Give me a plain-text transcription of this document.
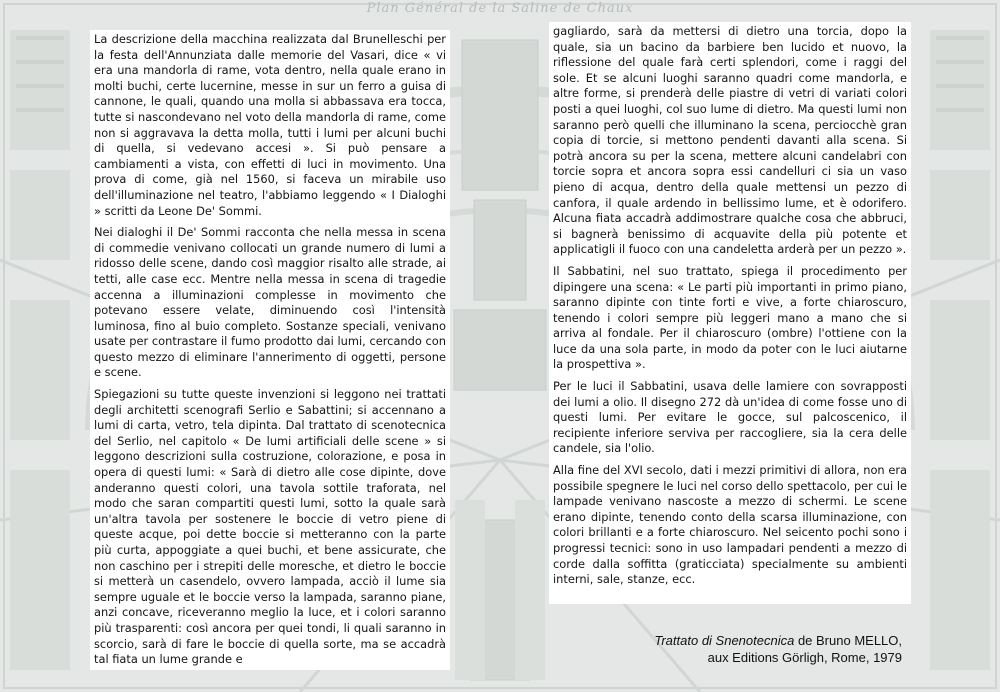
Plan Général de la Saline de Chaux

La descrizione della macchina realizzata dal Brunelleschi per la festa dell'Annunziata dalle memorie del Vasari, dice « vi era una mandorla di rame, vota dentro, nella quale erano in molti buchi, certe lucernine, messe in sur un ferro a guisa di cannone, le quali, quando una molla si abbassava era tocca, tutte si nascondevano nel voto della mandorla di rame, come non si aggravava la detta molla, tutti i lumi per alcuni buchi di quella, si vedevano accesi ». Si può pensare a cambiamenti a vista, con effetti di luci in movimento. Una prova di come, già nel 1560, si faceva un mirabile uso dell'illuminazione nel teatro, l'abbiamo leggendo « I Dialoghi » scritti da Leone De' Sommi.

Nei dialoghi il De' Sommi racconta che nella messa in scena di commedie venivano collocati un grande numero di lumi a ridosso delle scene, dando così maggior risalto alle strade, ai tetti, alle case ecc. Mentre nella messa in scena di tragedie accenna a illuminazioni complesse in movimento che potevano essere velate, diminuendo così l'intensità luminosa, fino al buio completo. Sostanze speciali, venivano usate per contrastare il fumo prodotto dai lumi, cercando con questo mezzo di eliminare l'annerimento di oggetti, persone e scene.

Spiegazioni su tutte queste invenzioni si leggono nei trattati degli architetti scenografi Serlio e Sabattini; si accennano a lumi di carta, vetro, tela dipinta. Dal trattato di scenotecnica del Serlio, nel capitolo « De lumi artificiali delle scene » si leggono descrizioni sulla costruzione, colorazione, e posa in opera di questi lumi: « Sarà di dietro alle cose dipinte, dove anderanno questi colori, una tavola sottile traforata, nel modo che saran compartiti questi lumi, sotto la quale sarà un'altra tavola per sostenere le boccie di vetro piene di queste acque, poi dette boccie si metteranno con la parte più curta, appoggiate a quei buchi, et bene assicurate, che non caschino per i strepiti delle moresche, et dietro le boccie si metterà un casendelo, ovvero lampada, acciò il lume sia sempre uguale et le boccie verso la lampada, saranno piane, anzi concave, riceveranno meglio la luce, et i colori saranno più trasparenti: così ancora per quei tondi, li quali saranno in scorcio, sarà di fare le boccie di quella sorte, ma se accadrà tal fiata un lume grande e

gagliardo, sarà da mettersi di dietro una torcia, dopo la quale, sia un bacino da barbiere ben lucido et nuovo, la riflessione del quale farà certi splendori, come i raggi del sole. Et se alcuni luoghi saranno quadri come mandorla, e altre forme, si prenderà delle piastre di vetri di variati colori posti a quei luoghi, col suo lume di dietro. Ma questi lumi non saranno però quelli che illuminano la scena, perciocchè gran copia di torcie, si mettono pendenti davanti alla scena. Si potrà ancora su per la scena, mettere alcuni candelabri con torcie sopra et ancora sopra essi candelluri ci sia un vaso pieno di acqua, dentro della quale mettensi un pezzo di canfora, il quale ardendo in bellissimo lume, et è odorifero. Alcuna fiata accadrà addimostrare qualche cosa che abbruci, si bagnerà benissimo di acquavite della più potente et applicatigli il fuoco con una candeletta arderà per un pezzo ».

Il Sabbatini, nel suo trattato, spiega il procedimento per dipingere una scena: « Le parti più importanti in primo piano, saranno dipinte con tinte forti e vive, a forte chiaroscuro, tenendo i colori sempre più leggeri mano a mano che si arriva al fondale. Per il chiaroscuro (ombre) l'ottiene con la luce da una sola parte, in modo da poter con le luci aiutarne la prospettiva ».

Per le luci il Sabbatini, usava delle lamiere con sovrapposti dei lumi a olio. Il disegno 272 dà un'idea di come fosse uno di questi lumi. Per evitare le gocce, sul palcoscenico, il recipiente inferiore serviva per raccogliere, sia la cera delle candele, sia l'olio.

Alla fine del XVI secolo, dati i mezzi primitivi di allora, non era possibile spegnere le luci nel corso dello spettacolo, per cui le lampade venivano nascoste a mezzo di schermi. Le scene erano dipinte, tenendo conto della scarsa illuminazione, con colori brillanti e a forte chiaroscuro. Nel seicento pochi sono i progressi tecnici: sono in uso lampadari pendenti a mezzo di corde dalla soffitta (graticciata) specialmente su ambienti interni, sale, stanze, ecc.

Trattato di Snenotecnica de Bruno MELLO,
aux Editions Görligh, Rome, 1979
